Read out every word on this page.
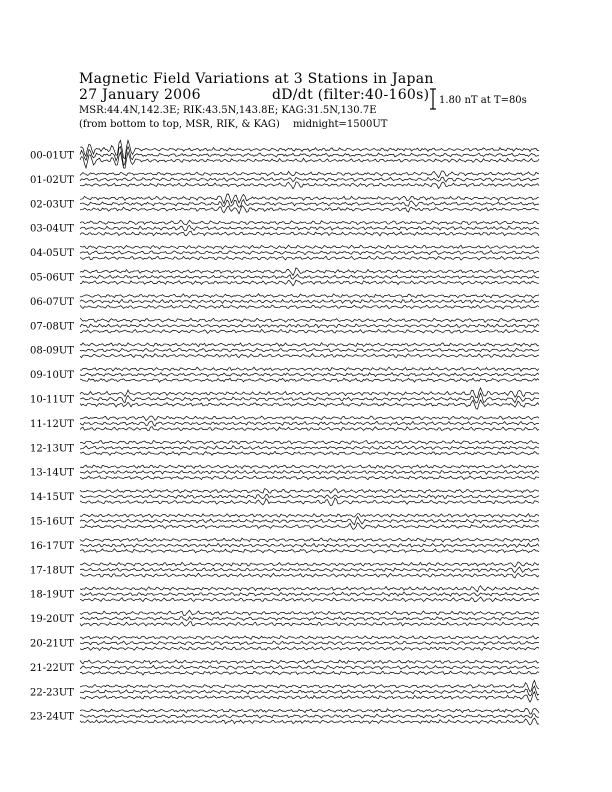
Magnetic Field Variations at 3 Stations in Japan
27 January 2006	dD/dt (filter:40-160s)
MSR:44.4N,142.3E; RIK:43.5N,143.8E; KAG:31.5N,130.7E
(from bottom to top, MSR, RIK, & KAG) midnight=1500UT
1.80 nT at T=80s
00-01UT
01-02UT
02-03UT
03-04UT
04-05UT
05-06UT
06-07UT
07-08UT
08-09UT
09-10UT
10-11UT
11-12UT
12-13UT
13-14UT
14-15UT
15-16UT
16-17UT
17-18UT
18-19UT
19-20UT
20-21UT
21-22UT
22-23UT
23-24UT
